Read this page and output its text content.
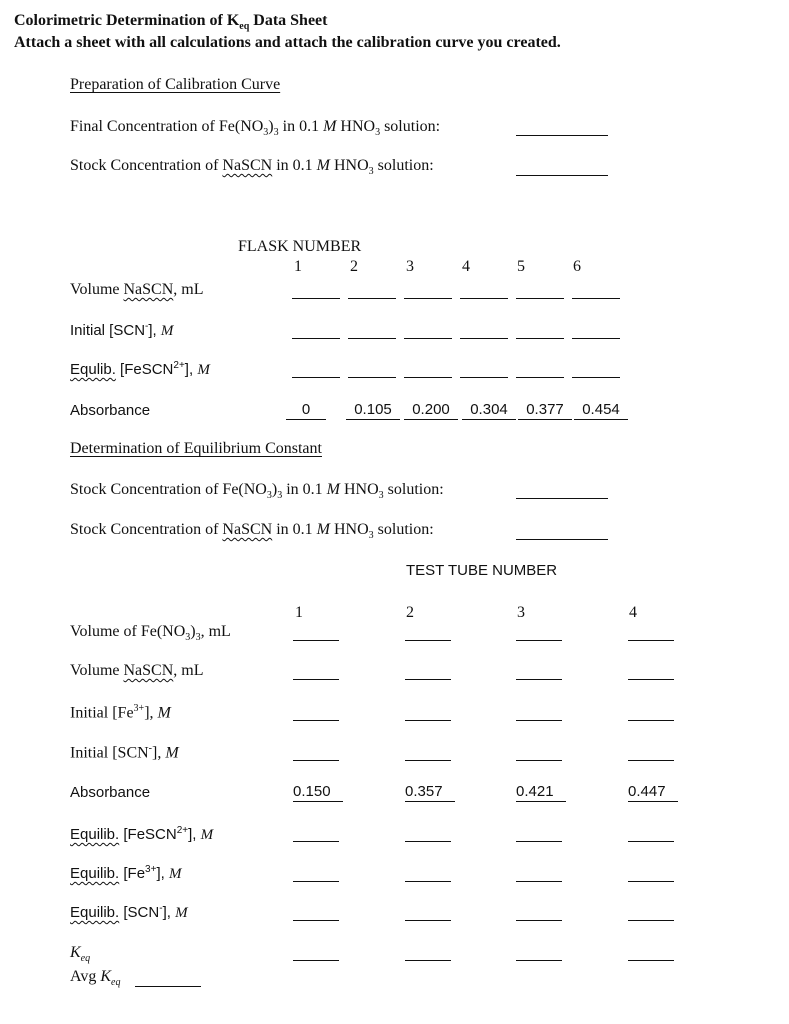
Colorimetric Determination of $K_{eq}$ Data Sheet
Attach a sheet with all calculations and attach the calibration curve you created.
Preparation of Calibration Curve
Final Concentration of $Fe(NO_3)_3$ in 0.1 M $HNO_3$ solution:
Stock Concentration of NaSCN in 0.1 M $HNO_3$ solution:
FLASK NUMBER
1	2	3	4	5	6
Volume NaSCN, mL
Initial [SCN-], M
Equlib. [FeSCN$^{2+}$], M
Absorbance	0	0.105	0.200	0.304	0.377	0.454
Determination of Equilibrium Constant
Stock Concentration of $Fe(NO_3)_3$ in 0.1 M $HNO_3$ solution:
Stock Concentration of NaSCN in 0.1 M $HNO_3$ solution:
TEST TUBE NUMBER
1	2	3	4
Volume of $Fe(NO_3)_3$, mL
Volume NaSCN, mL
Initial $[Fe^{3+}]$, M
Initial [SCN-], M
Absorbance	0.150	0.357	0.421	0.447
Equilib. [FeSCN$^{2+}$], M
Equilib. $[Fe^{3+}]$, M
Equilib. [SCN-], M
$K_{eq}$
Avg $K_{eq}$
